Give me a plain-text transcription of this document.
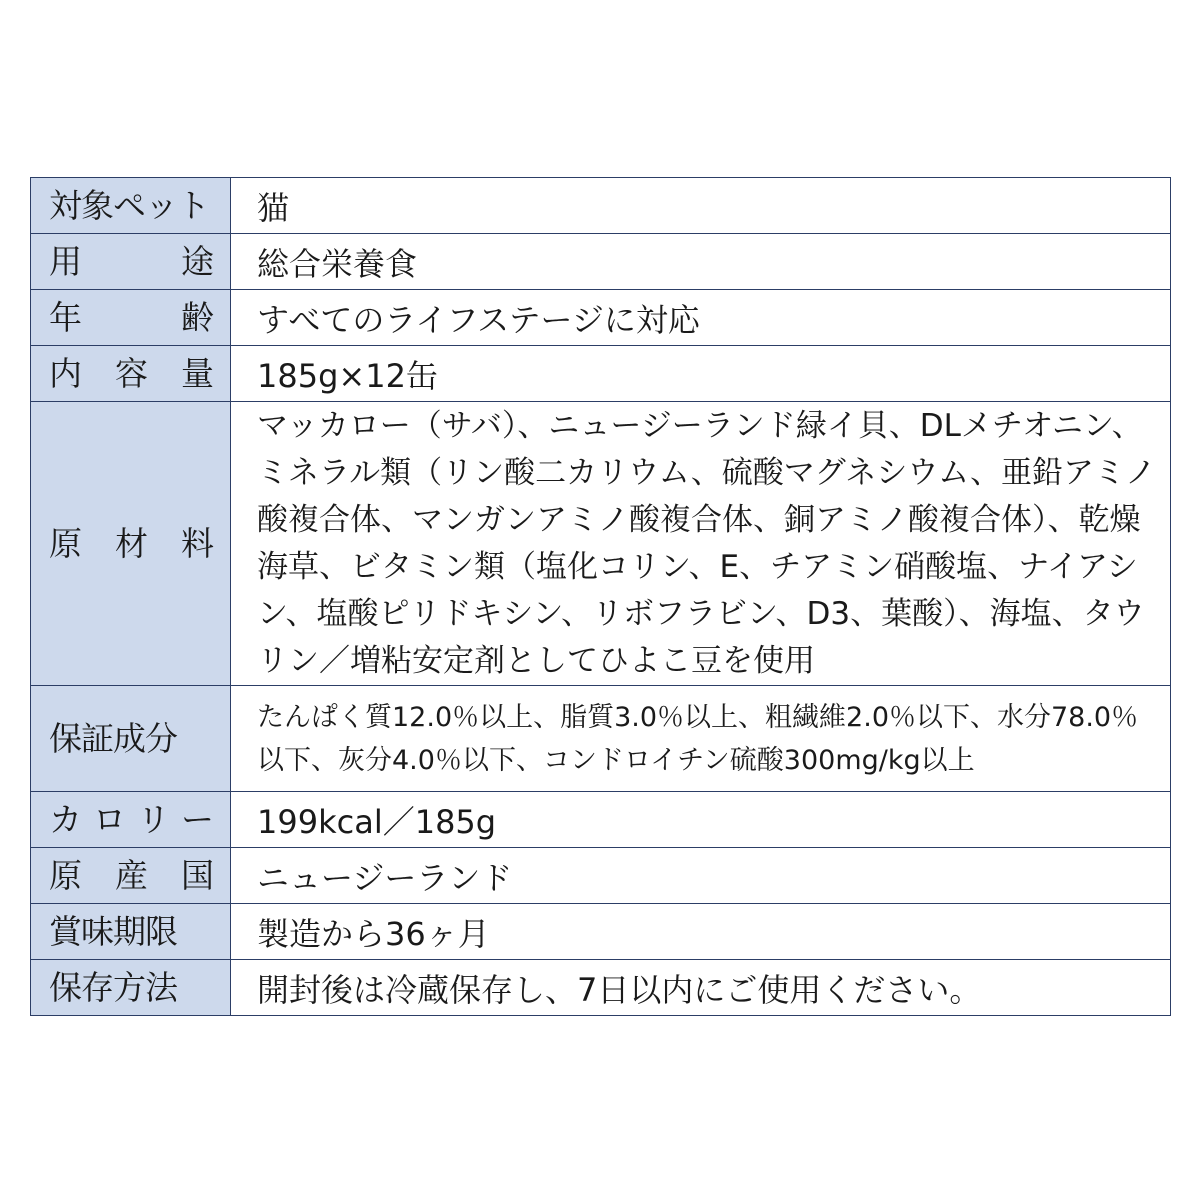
対象ペット	猫

用 途	総合栄養食

年 齢	すべてのライフステージに対応

内 容 量	185g×12缶

原 材 料	マッカロー（サバ）、ニュージーランド緑イ貝、DLメチオニン、ミネラル類（リン酸二カリウム、硫酸マグネシウム、亜鉛アミノ酸複合体、マンガンアミノ酸複合体、銅アミノ酸複合体）、乾燥海草、ビタミン類（塩化コリン、E、チアミン硝酸塩、ナイアシン、塩酸ピリドキシン、リボフラビン、D3、葉酸）、海塩、タウリン／増粘安定剤としてひよこ豆を使用

保証成分	たんぱく質12.0％以上、脂質3.0％以上、粗繊維2.0％以下、水分78.0％以下、灰分4.0％以下、コンドロイチン硫酸300mg/kg以上

カ ロ リ ー	199kcal／185g

原 産 国	ニュージーランド

賞味期限	製造から36ヶ月

保存方法	開封後は冷蔵保存し、7日以内にご使用ください。
